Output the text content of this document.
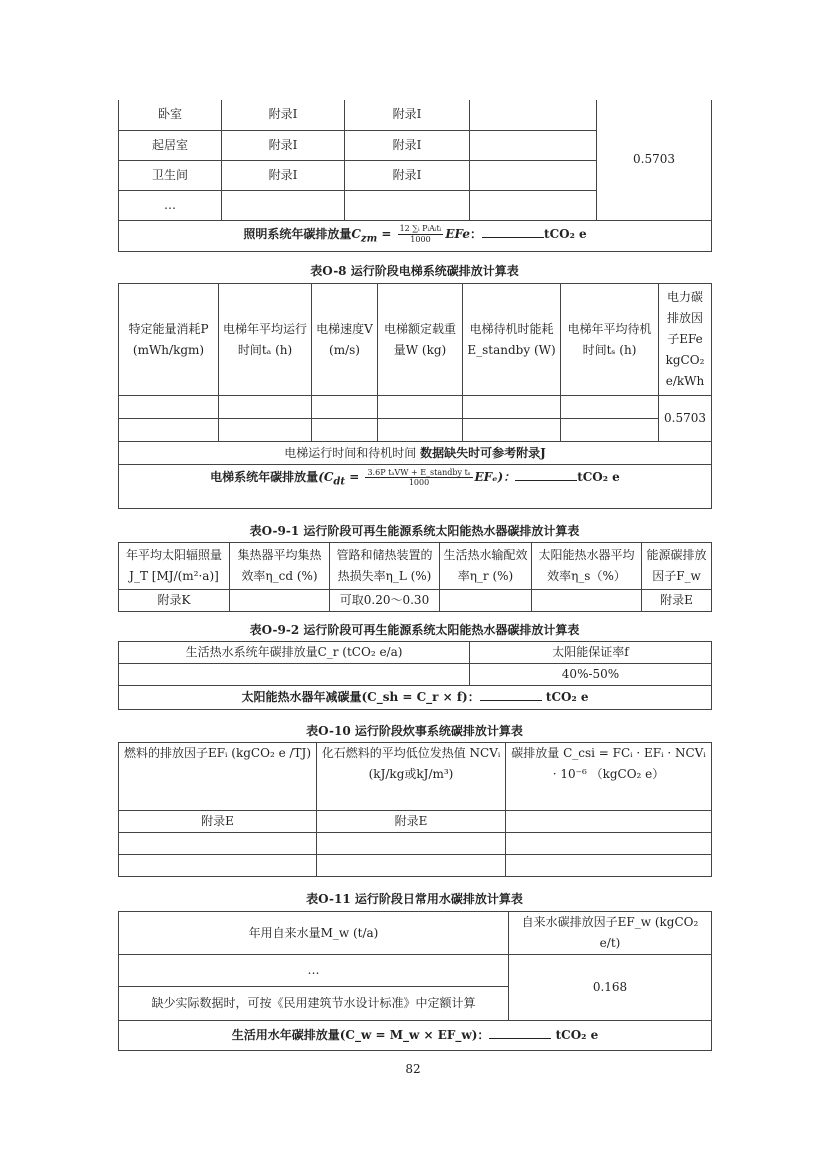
卧室	附录I	附录I		0.5703
起居室	附录I	附录I		
卫生间	附录I	附录I		
…				
照明系统年碳排放量$C_{zm} = \frac{\text{12 ∑ᵢ PᵢAᵢtᵢ}}{1000}$ EFe： tCO₂ e				
表O-8 运行阶段电梯系统碳排放计算表
特定能量消耗P (mWh/kgm)	电梯年平均运行时间tₐ (h)	电梯速度V (m/s)	电梯额定载重量W (kg)	电梯待机时能耗E_standby (W)	电梯年平均待机时间tₛ (h)	电力碳排放因子EFe kgCO₂ e/kWh
						0.5703

电梯运行时间和待机时间 数据缺失时可参考附录J						
电梯系统年碳排放量$(C_{dt} = \frac{\text{3.6P tₐVW + E\_standby tₛ}}{1000} EF_e)$： tCO₂ e						
表O-9-1 运行阶段可再生能源系统太阳能热水器碳排放计算表
年平均太阳辐照量J_T [MJ/(m²·a)]	集热器平均集热效率η_cd (%)	管路和储热装置的热损失率η_L (%)	生活热水输配效率η_r (%)	太阳能热水器平均效率η_s（%）	能源碳排放因子F_w
附录K		可取0.20～0.30			附录E
表O-9-2 运行阶段可再生能源系统太阳能热水器碳排放计算表
生活热水系统年碳排放量C_r (tCO₂ e/a)	太阳能保证率f
	40%-50%
太阳能热水器年减碳量(C_sh = C_r × f)： tCO₂ e	
表O-10 运行阶段炊事系统碳排放计算表
燃料的排放因子EFᵢ (kgCO₂ e /TJ)	化石燃料的平均低位发热值 NCVᵢ (kJ/kg或kJ/m³)	碳排放量 C_csi = FCᵢ · EFᵢ · NCVᵢ · 10⁻⁶ （kgCO₂ e）
附录E	附录E	

表O-11 运行阶段日常用水碳排放计算表
年用自来水量M_w (t/a)	自来水碳排放因子EF_w (kgCO₂ e/t)
…	0.168
缺少实际数据时，可按《民用建筑节水设计标准》中定额计算	
生活用水年碳排放量(C_w = M_w × EF_w)： tCO₂ e	
82
